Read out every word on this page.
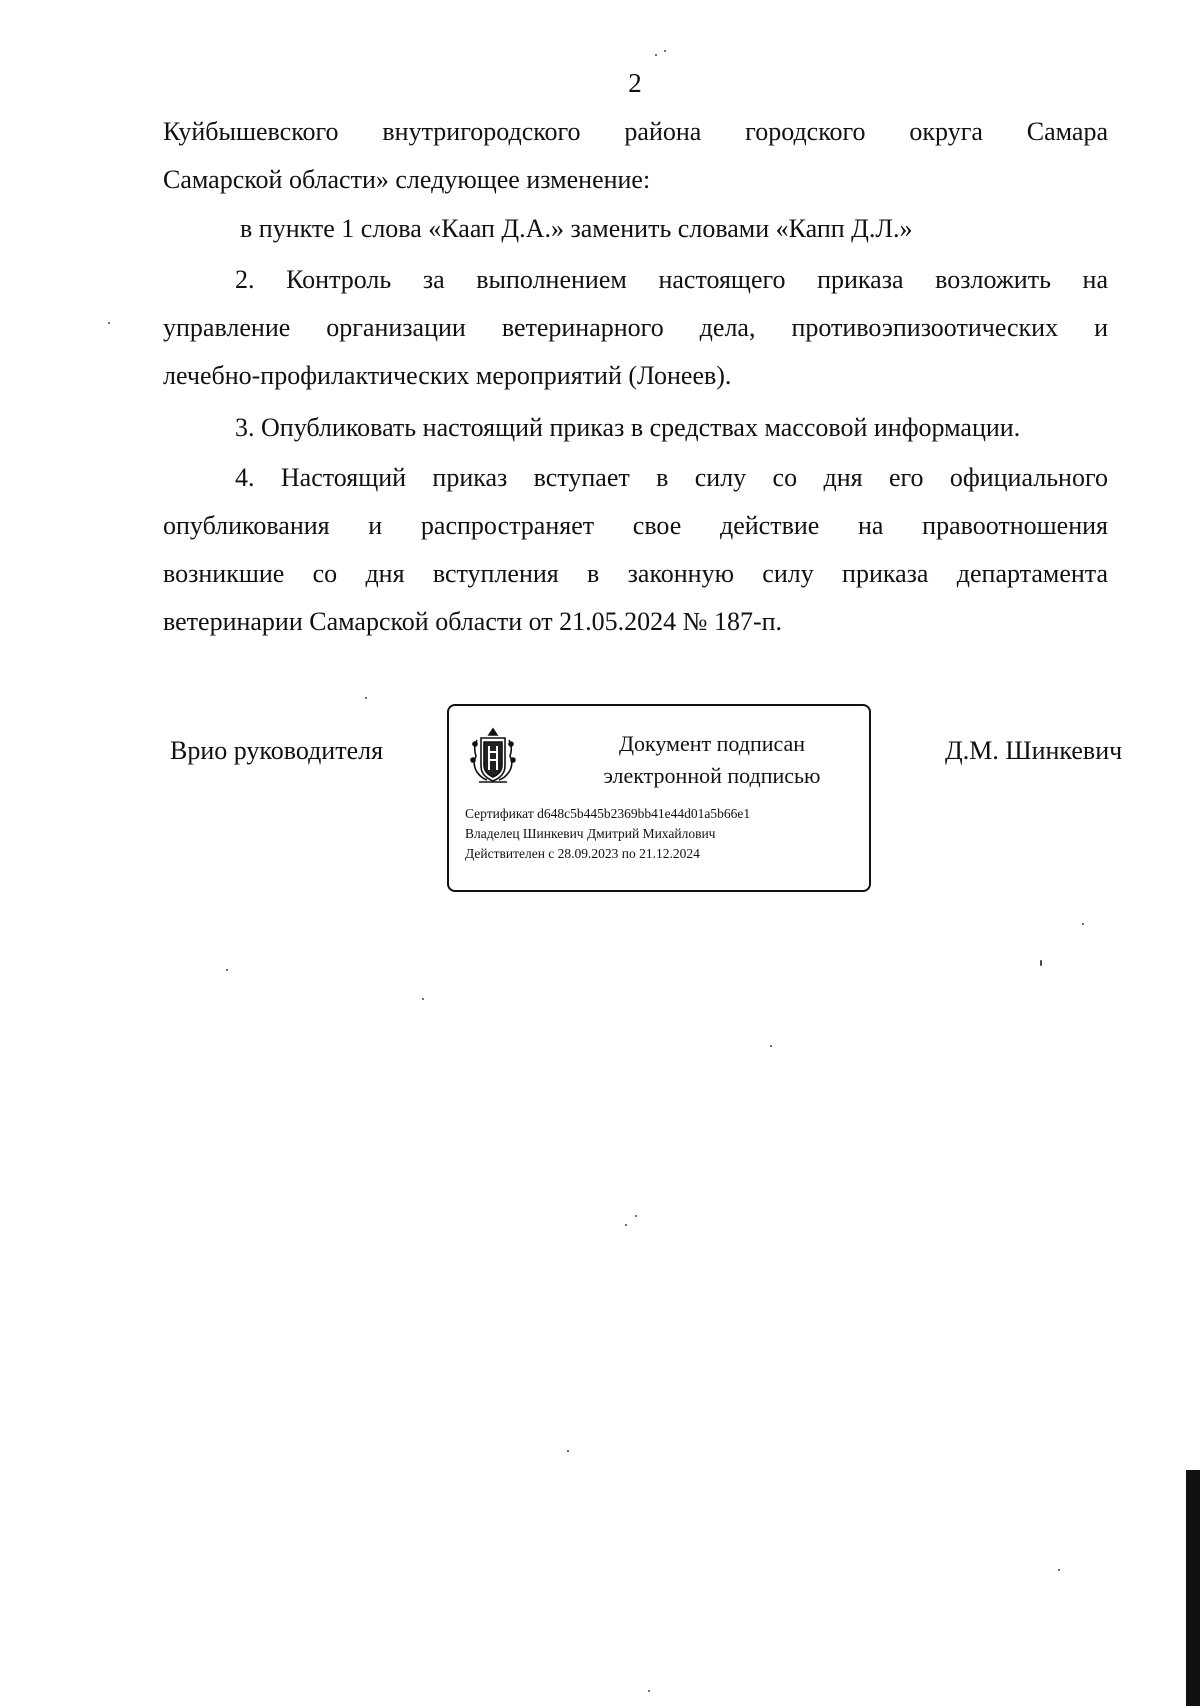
2
Куйбышевского внутригородского района городского округа Самара
Самарской области» следующее изменение:
в пункте 1 слова «Каап Д.А.» заменить словами «Капп Д.Л.»
2. Контроль за выполнением настоящего приказа возложить на
управление организации ветеринарного дела, противоэпизоотических и
лечебно-профилактических мероприятий (Лонеев).
3. Опубликовать настоящий приказ в средствах массовой информации.
4. Настоящий приказ вступает в силу со дня его официального
опубликования и распространяет свое действие на правоотношения
возникшие со дня вступления в законную силу приказа департамента
ветеринарии Самарской области от 21.05.2024 № 187-п.
Врио руководителя	Документ подписан
электронной подписью
Сертификат d648c5b445b2369bb41e44d01a5b66e1
Владелец Шинкевич Дмитрий Михайлович
Действителен с 28.09.2023 по 21.12.2024
Д.М. Шинкевич
